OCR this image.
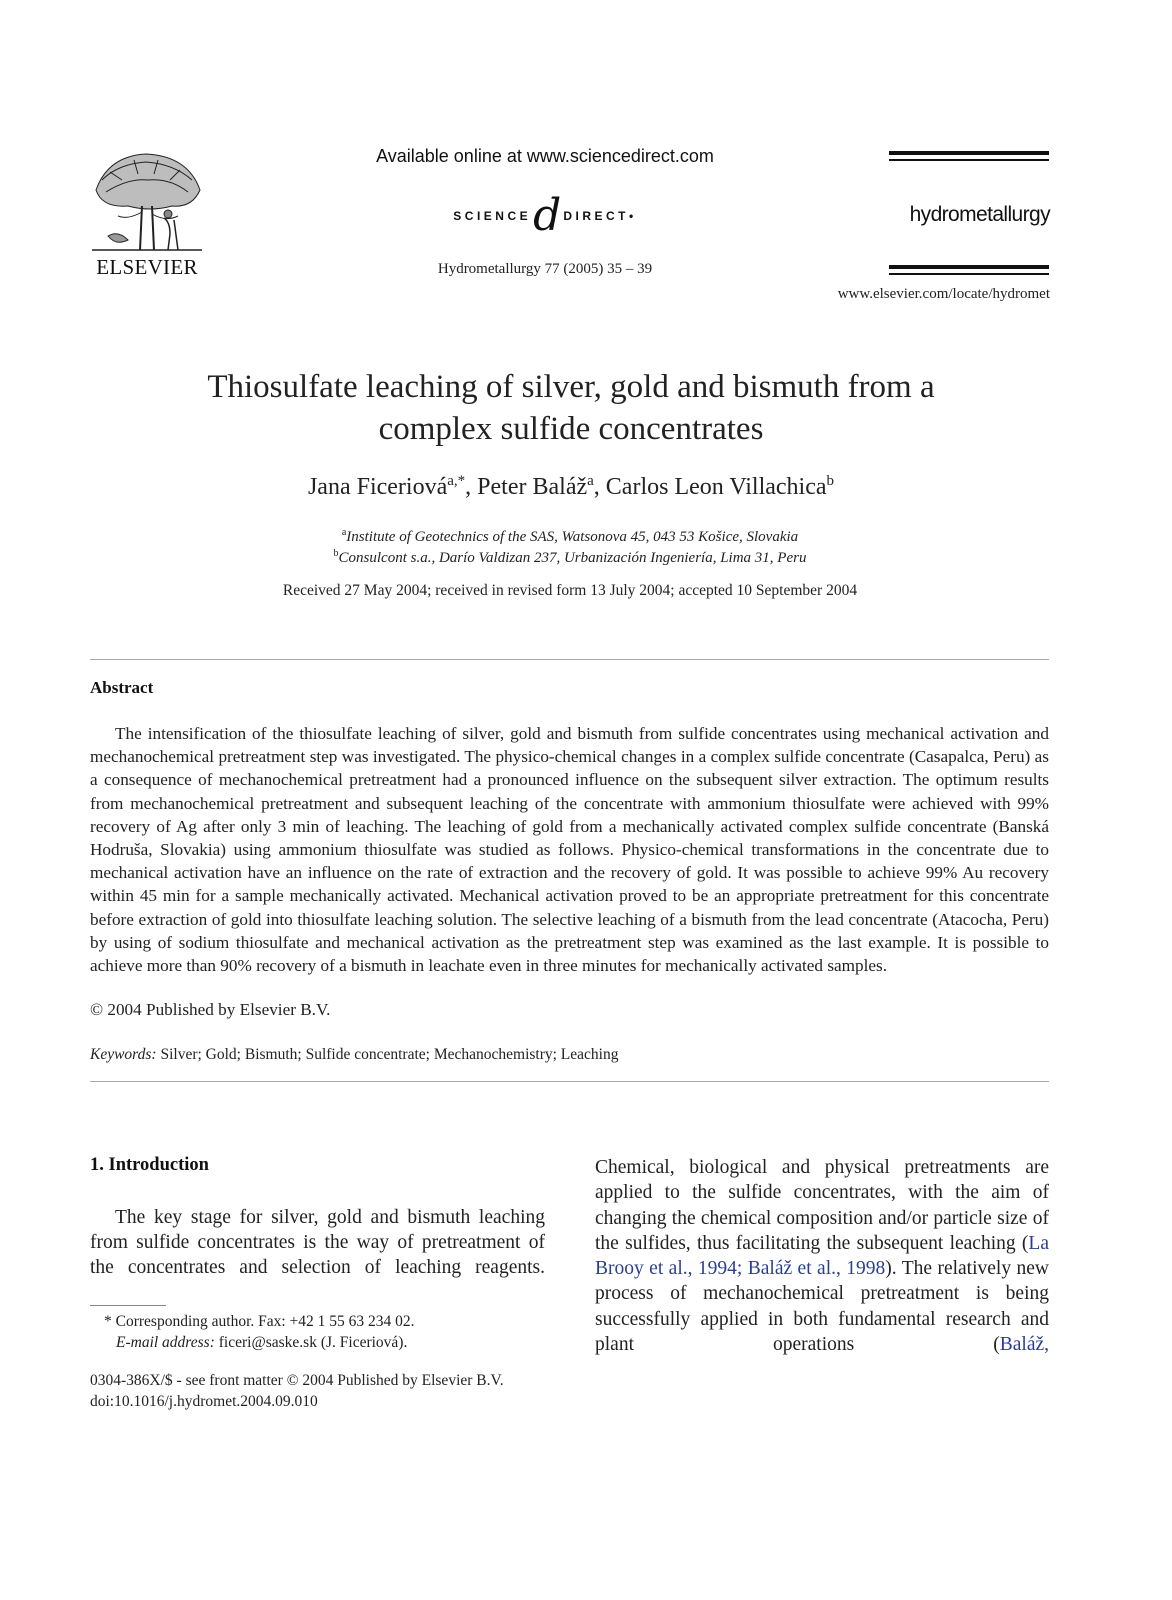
ELSEVIER
Available online at www.sciencedirect.com
SCIENCE d DIRECT•
Hydrometallurgy 77 (2005) 35 – 39
hydrometallurgy
www.elsevier.com/locate/hydromet
Thiosulfate leaching of silver, gold and bismuth from a
complex sulfide concentrates
Jana Ficeriová$^{a,*}$, Peter Baláž$^a$, Carlos Leon Villachica$^b$
$^a$Institute of Geotechnics of the SAS, Watsonova 45, 043 53 Košice, Slovakia
$^b$Consulcont s.a., Darío Valdizan 237, Urbanización Ingeniería, Lima 31, Peru
Received 27 May 2004; received in revised form 13 July 2004; accepted 10 September 2004
Abstract
The intensification of the thiosulfate leaching of silver, gold and bismuth from sulfide concentrates using mechanical activation and mechanochemical pretreatment step was investigated. The physico-chemical changes in a complex sulfide concentrate (Casapalca, Peru) as a consequence of mechanochemical pretreatment had a pronounced influence on the subsequent silver extraction. The optimum results from mechanochemical pretreatment and subsequent leaching of the concentrate with ammonium thiosulfate were achieved with 99% recovery of Ag after only 3 min of leaching. The leaching of gold from a mechanically activated complex sulfide concentrate (Banská Hodruša, Slovakia) using ammonium thiosulfate was studied as follows. Physico-chemical transformations in the concentrate due to mechanical activation have an influence on the rate of extraction and the recovery of gold. It was possible to achieve 99% Au recovery within 45 min for a sample mechanically activated. Mechanical activation proved to be an appropriate pretreatment for this concentrate before extraction of gold into thiosulfate leaching solution. The selective leaching of a bismuth from the lead concentrate (Atacocha, Peru) by using of sodium thiosulfate and mechanical activation as the pretreatment step was examined as the last example. It is possible to achieve more than 90% recovery of a bismuth in leachate even in three minutes for mechanically activated samples.
© 2004 Published by Elsevier B.V.
Keywords: Silver; Gold; Bismuth; Sulfide concentrate; Mechanochemistry; Leaching
1. Introduction
The key stage for silver, gold and bismuth leaching from sulfide concentrates is the way of pretreatment of the concentrates and selection of leaching reagents.
* Corresponding author. Fax: +42 1 55 63 234 02.
E-mail address: ficeri@saske.sk (J. Ficeriová).
0304-386X/$ - see front matter © 2004 Published by Elsevier B.V.
doi:10.1016/j.hydromet.2004.09.010
Chemical, biological and physical pretreatments are applied to the sulfide concentrates, with the aim of changing the chemical composition and/or particle size of the sulfides, thus facilitating the subsequent leaching (La Brooy et al., 1994; Baláž et al., 1998). The relatively new process of mechanochemical pretreatment is being successfully applied in both fundamental research and plant operations (Baláž,
